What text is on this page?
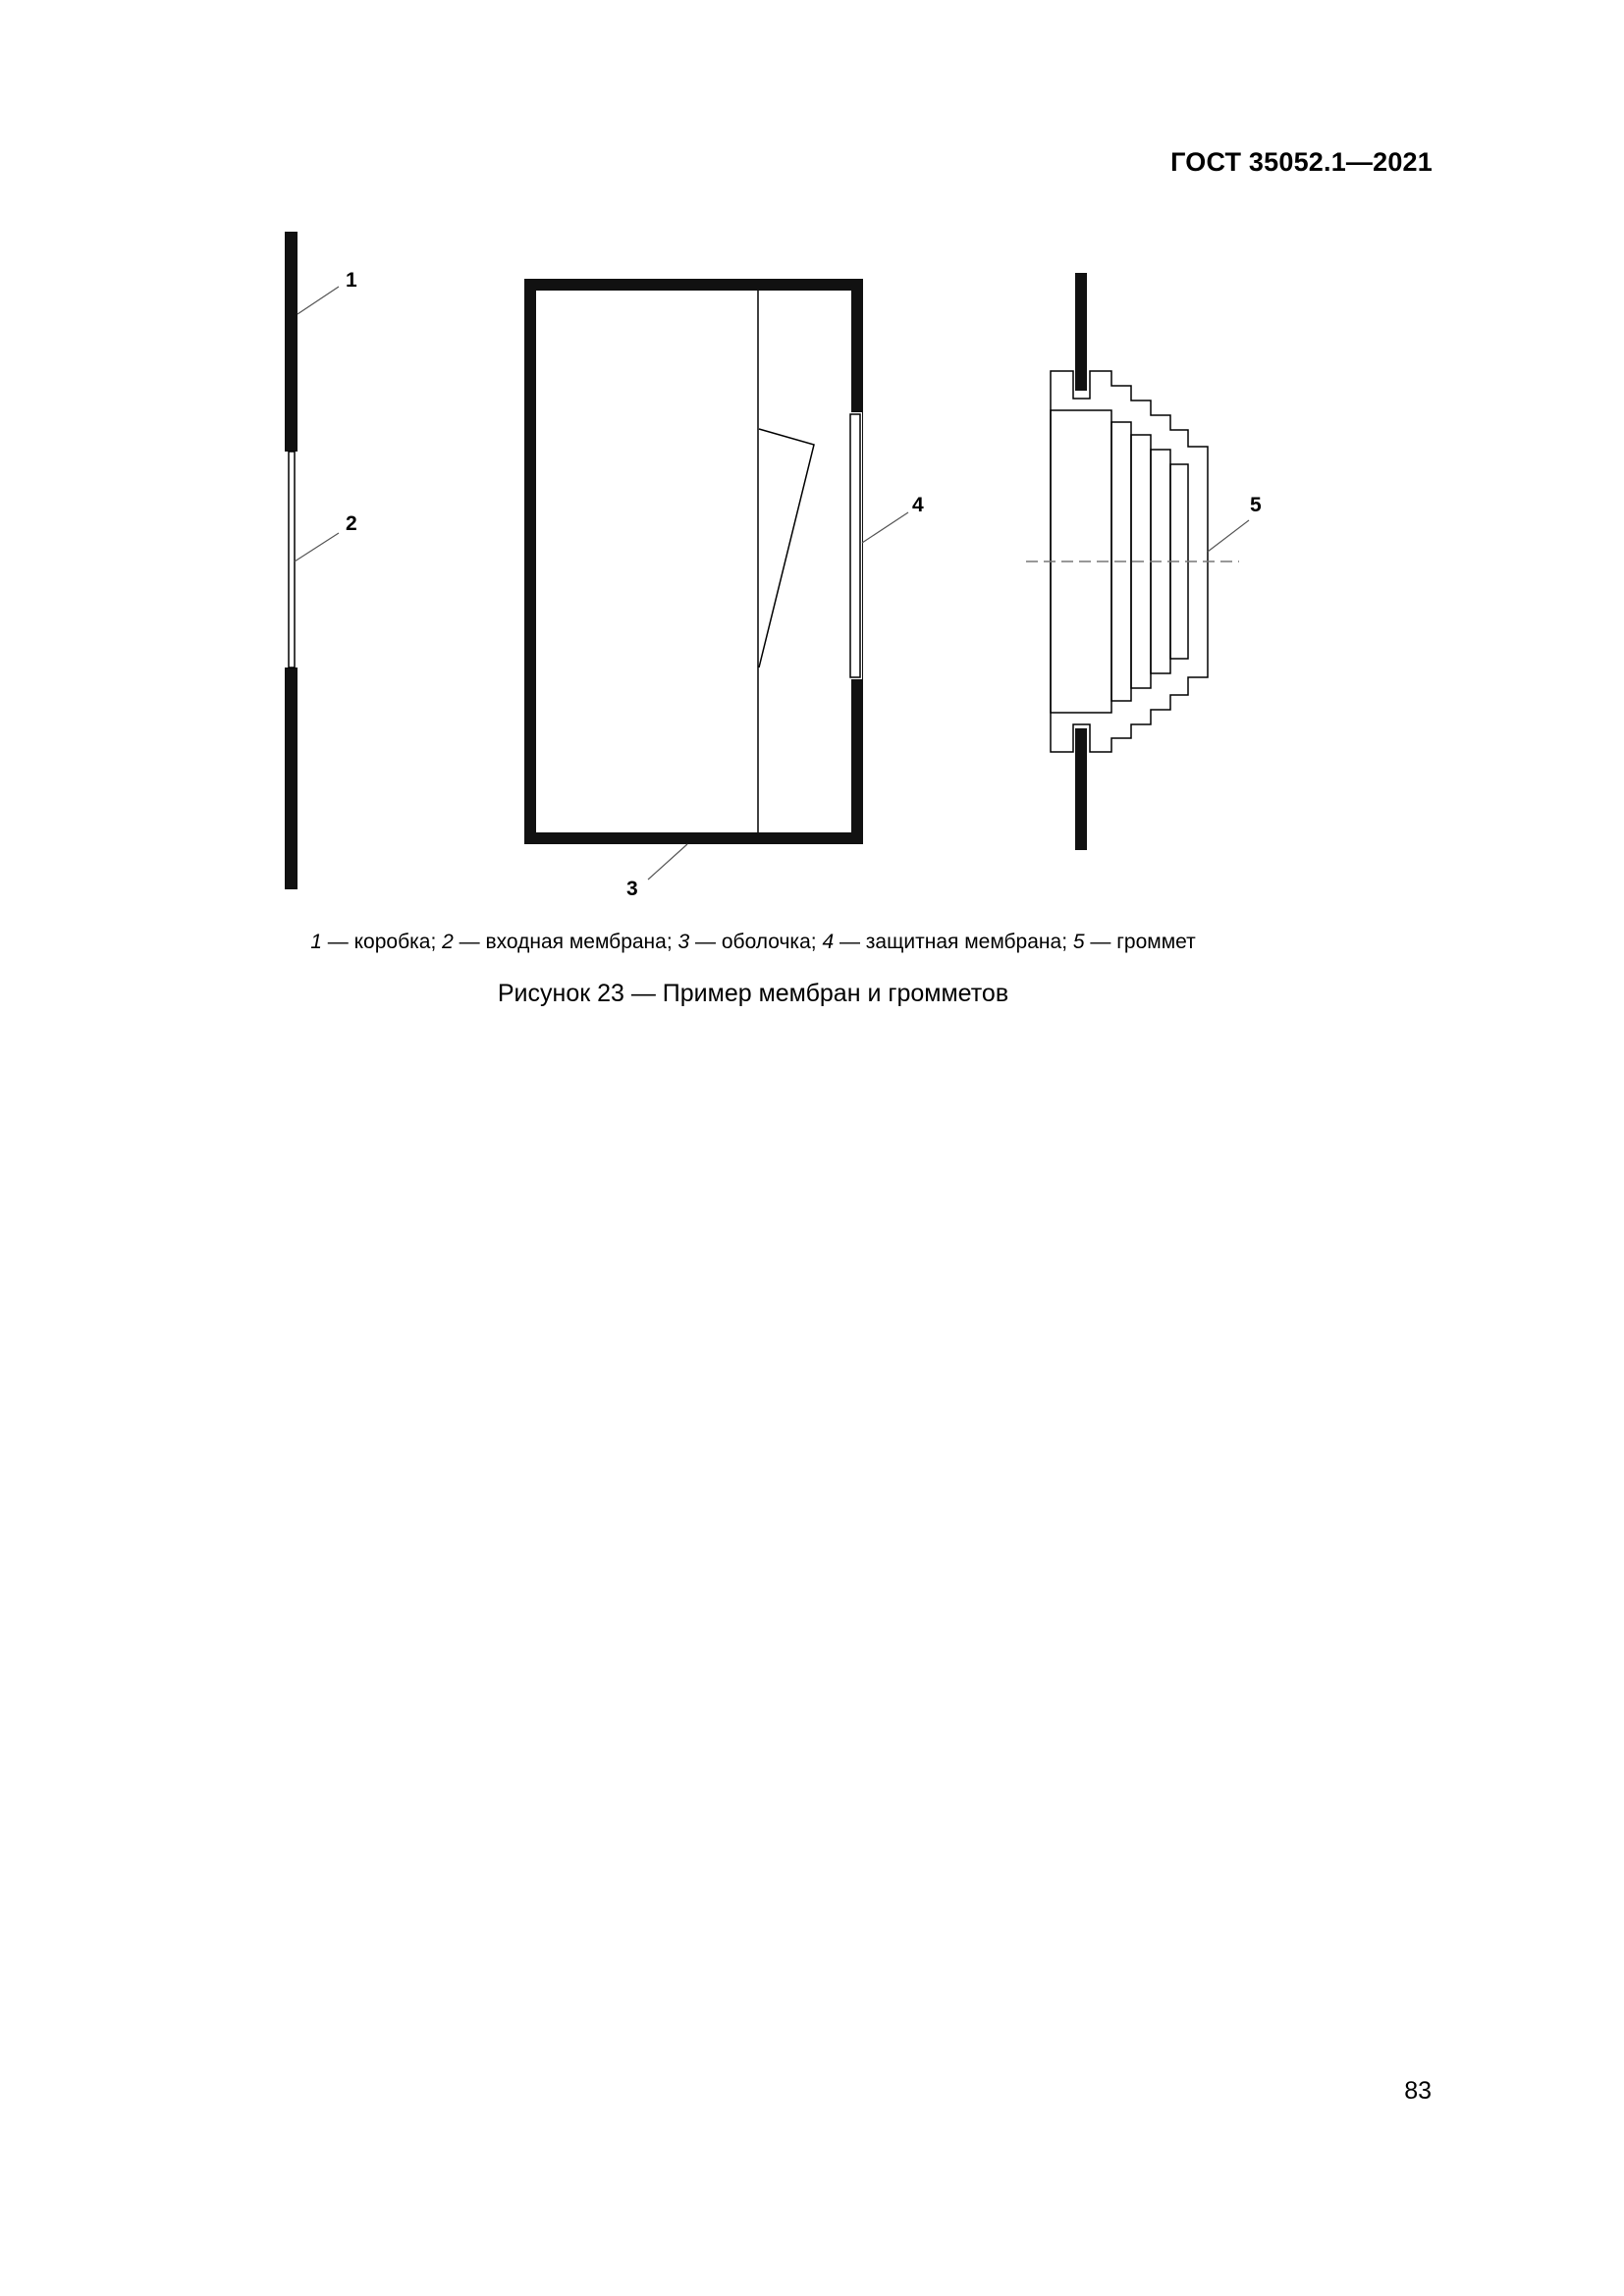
ГОСТ 35052.1—2021
1
2
3
4	5
1 — коробка; 2 — входная мембрана; 3 — оболочка; 4 — защитная мембрана; 5 — громмет
Рисунок 23 — Пример мембран и громметов
83
